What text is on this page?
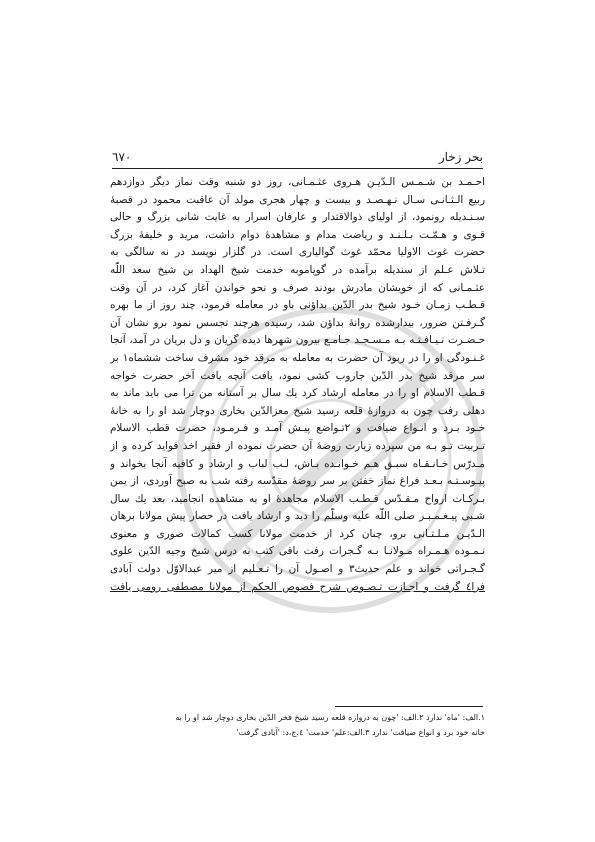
بحر زخار
٦٧٠
احـمـد بن شـمـس الـدّيـن هـروی عثـمـانی، روز دو شنبه وقت نماز دیگر دوازدهم
ربیع الـثـانـی سـال نـهـصـد و بیست و چهار هجری مولد آن عاقبت محمود در قصبهٔ
سـنـدیله رونمود، از اولیای ذوالاقتدار و عارفان اسرار به غایت شانی بزرگ و حالی
قـوی و هـمّـت بـلـنـد و ریاضت مدام و مشاهدهٔ دوام داشت، مرید و خلیفهٔ بزرگ
حضرت غوث الاولیا محمّد غوث گوالیاری است. در گلزار نویسد در نه سالگی به
تـلاش عـلم از سندیله برآمده در گوپاموبه خدمت شیخ الهداد بن شیخ سعد اللّٰه
عثـمـانی که از خویشان مادرش بودند صرف و نحو خواندن آغاز کرد، در آن وقت
قـطـب زمـان خـود شیخ بدر الدّین بداؤنی باو در معامله فرمود، چند روز از ما بهره
گـرفـتن ضرور، بیدارشده روانهٔ بداؤن شد، رسیده هرچند تجسس نمود برو نشان آن
حـضـرت نـیـافـتـه بـه مـسـجـد جـامـع بیرون شهرها دیده گریان و دل بریان در آمد، آنجا
غـنـودگی او را در ربود آن حضرت به معامله به مرقد خود مشرف ساخت ششماه١ بر
سر مرقد شیخ بدر الدّین جاروب کشی نمود، یافت آنچه یافت آخر حضرت خواجه
قـطب الاسلام او را در معامله ارشاد کرد یك سال بر آستانه من ترا می باید ماند به
دهلی رفت چون به دروازهٔ قلعه رسید شیخ معزالدّین بخاری دوچار شد او را به خانهٔ
خـود بـرد و انـواع ضیافت و ٢تـواضع پیـش آمـد و فـرمـود، حضرت قطب الاسلام
تـربیت تـو بـه من سپرده زیارت روضهٔ آن حضرت نموده از فقیر اخذ فواید کرده و از
مـدرّس خـانـقـاه سبـق هـم خـوانـده بـاش، لـب لباب و ارشاد و کافیه آنجا بخواند و
پیـوسـتـه بـعـد فراغ نماز خفتن بر سر روضهٔ مقدّسه رفته شب به صبح آوردی، از یمن
بـرکـات ارواح مـقـدّس قـطـب الاسلام مجاهدهٔ او به مشاهده انجامید، بعد یك سال
شـبی پیـغـمـبـر صلی اللّٰه علیه وسلّم را دید و ارشاد یافت در حصار پیش مولانا برهان
الـدّیـن مـلـتـانی برو، چنان کرد از خدمت مولانا کسب کمالات صوری و معنوی
نـمـوده هـمـراه مـولانـا بـه گـجرات رفت باقی کتب به درس شیخ وجیه الدّین علوی
گـجـراتی خواند و علم حدیث٣ و اصـول آن را تـعـلیم از میر عبدالاوّل دولت آبادی
فرا٤ گرفت و اجـازت تـصـوص شرح فصوص الحکم از مولانا مصطفی رومی یافت
١.الف: 'ماه' ندارد ٢.الف: 'چون به دروازه قلعه رسید شیخ فخر الدّین بخاری دوچار شد او را به
خانه خود برد و انواع ضیافت' ندارد ٣.الف:علم' خدمت' ٤.ج،د: 'آبادی گرفت'
